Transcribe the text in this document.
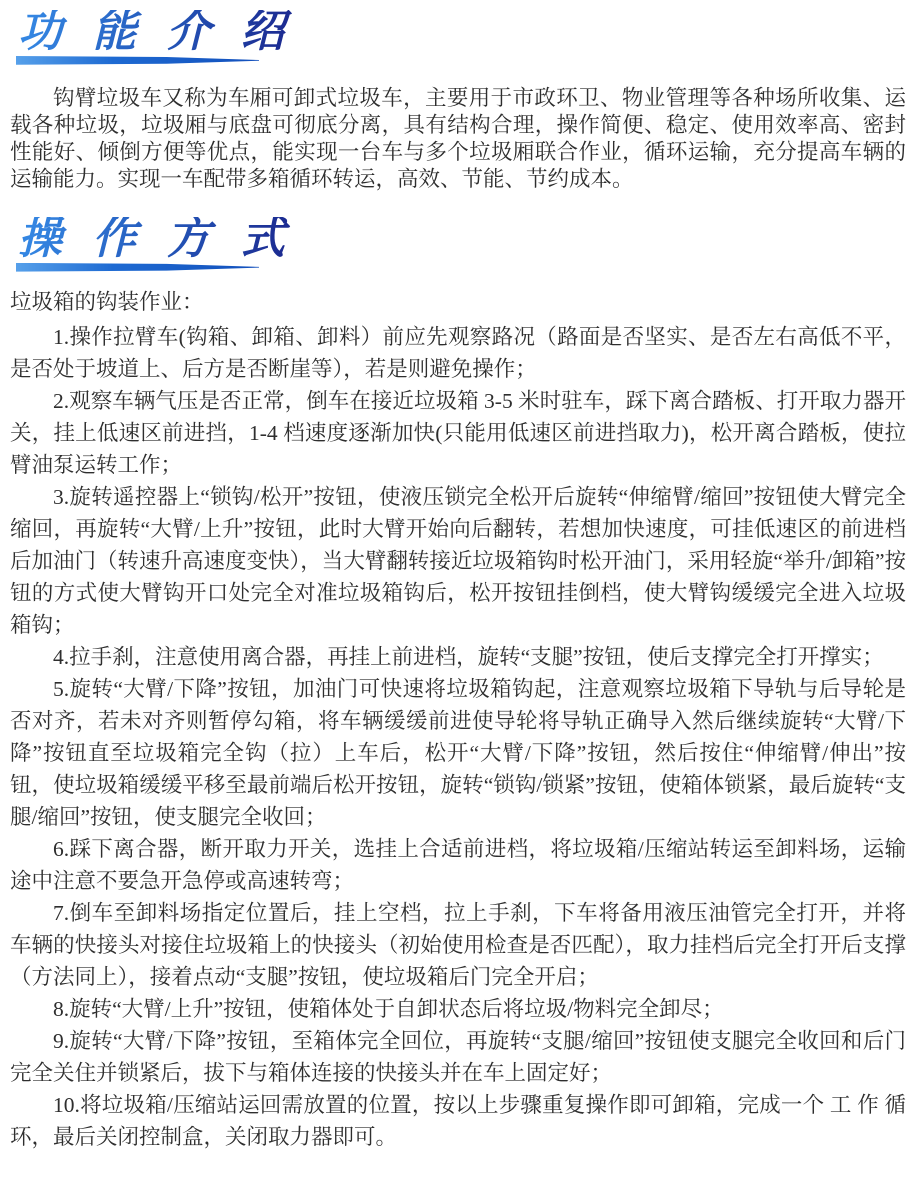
功 能 介 绍

钩臂垃圾车又称为车厢可卸式垃圾车，主要用于市政环卫、物业管理等各种场所收集、运载各种垃圾，垃圾厢与底盘可彻底分离，具有结构合理，操作简便、稳定、使用效率高、密封性能好、倾倒方便等优点，能实现一台车与多个垃圾厢联合作业，循环运输，充分提高车辆的运输能力。实现一车配带多箱循环转运，高效、节能、节约成本。

操 作 方 式

垃圾箱的钩装作业：

1.操作拉臂车(钩箱、卸箱、卸料）前应先观察路况（路面是否坚实、是否左右高低不平，是否处于坡道上、后方是否断崖等），若是则避免操作；

2.观察车辆气压是否正常，倒车在接近垃圾箱 3-5 米时驻车，踩下离合踏板、打开取力器开关，挂上低速区前进挡，1-4 档速度逐渐加快(只能用低速区前进挡取力)，松开离合踏板，使拉臂油泵运转工作；

3.旋转遥控器上“锁钩/松开”按钮，使液压锁完全松开后旋转“伸缩臂/缩回”按钮使大臂完全缩回，再旋转“大臂/上升”按钮，此时大臂开始向后翻转，若想加快速度，可挂低速区的前进档后加油门（转速升高速度变快），当大臂翻转接近垃圾箱钩时松开油门，采用轻旋“举升/卸箱”按钮的方式使大臂钩开口处完全对准垃圾箱钩后，松开按钮挂倒档，使大臂钩缓缓完全进入垃圾箱钩；

4.拉手刹，注意使用离合器，再挂上前进档，旋转“支腿”按钮，使后支撑完全打开撑实；

5.旋转“大臂/下降”按钮，加油门可快速将垃圾箱钩起，注意观察垃圾箱下导轨与后导轮是否对齐，若未对齐则暂停勾箱，将车辆缓缓前进使导轮将导轨正确导入然后继续旋转“大臂/下降”按钮直至垃圾箱完全钩（拉）上车后，松开“大臂/下降”按钮，然后按住“伸缩臂/伸出”按钮，使垃圾箱缓缓平移至最前端后松开按钮，旋转“锁钩/锁紧”按钮，使箱体锁紧，最后旋转“支腿/缩回”按钮，使支腿完全收回；

6.踩下离合器，断开取力开关，选挂上合适前进档，将垃圾箱/压缩站转运至卸料场，运输途中注意不要急开急停或高速转弯；

7.倒车至卸料场指定位置后，挂上空档，拉上手刹，下车将备用液压油管完全打开，并将车辆的快接头对接住垃圾箱上的快接头（初始使用检查是否匹配），取力挂档后完全打开后支撑（方法同上），接着点动“支腿”按钮，使垃圾箱后门完全开启；

8.旋转“大臂/上升”按钮，使箱体处于自卸状态后将垃圾/物料完全卸尽；

9.旋转“大臂/下降”按钮，至箱体完全回位，再旋转“支腿/缩回”按钮使支腿完全收回和后门完全关住并锁紧后，拔下与箱体连接的快接头并在车上固定好；

10.将垃圾箱/压缩站运回需放置的位置，按以上步骤重复操作即可卸箱，完成一个 工 作 循环，最后关闭控制盒，关闭取力器即可。
